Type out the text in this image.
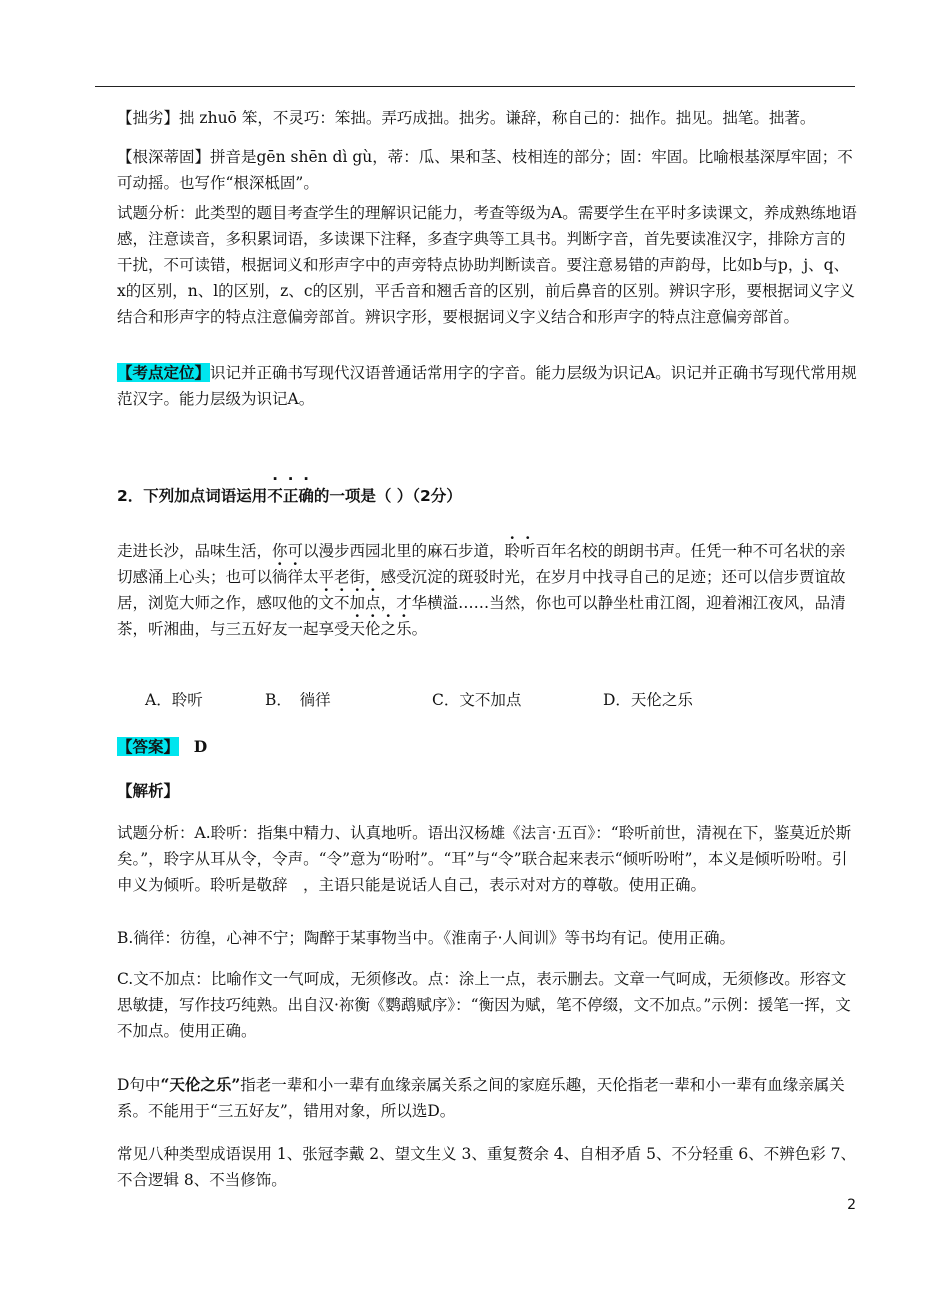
【拙劣】拙 zhuō 笨，不灵巧：笨拙。弄巧成拙。拙劣。谦辞，称自己的：拙作。拙见。拙笔。拙著。

【根深蒂固】拼音是gēn shēn dì gù，蒂：瓜、果和茎、枝相连的部分；固：牢固。比喻根基深厚牢固；不可动摇。也写作“根深柢固”。

试题分析：此类型的题目考查学生的理解识记能力，考查等级为A。需要学生在平时多读课文，养成熟练地语感，注意读音，多积累词语，多读课下注释，多查字典等工具书。判断字音，首先要读准汉字，排除方言的干扰，不可读错，根据词义和形声字中的声旁特点协助判断读音。要注意易错的声韵母，比如b与p，j、q、x的区别，n、l的区别，z、c的区别，平舌音和翘舌音的区别，前后鼻音的区别。辨识字形，要根据词义字义结合和形声字的特点注意偏旁部首。辨识字形，要根据词义字义结合和形声字的特点注意偏旁部首。

【考点定位】识记并正确书写现代汉语普通话常用字的字音。能力层级为识记A。识记并正确书写现代常用规范汉字。能力层级为识记A。

2．下列加点词语运用不正确的一项是（ ）（2分）

走进长沙，品味生活，你可以漫步西园北里的麻石步道，聆听百年名校的朗朗书声。任凭一种不可名状的亲切感涌上心头；也可以徜徉太平老街，感受沉淀的斑驳时光，在岁月中找寻自己的足迹；还可以信步贾谊故居，浏览大师之作，感叹他的文不加点，才华横溢……当然，你也可以静坐杜甫江阁，迎着湘江夜风，品清茶，听湘曲，与三五好友一起享受天伦之乐。

A．聆听	B．　徜徉	C．文不加点	D．天伦之乐

【答案】 D

【解析】

试题分析：A.聆听：指集中精力、认真地听。语出汉杨雄《法言·五百》：“聆听前世，清视在下，鉴莫近於斯矣。”，聆字从耳从令，令声。“令”意为“吩咐”。“耳”与“令”联合起来表示“倾听吩咐”，本义是倾听吩咐。引申义为倾听。聆听是敬辞　，主语只能是说话人自己，表示对对方的尊敬。使用正确。

B.徜徉：彷徨，心神不宁；陶醉于某事物当中。《淮南子·人间训》等书均有记。使用正确。

C.文不加点：比喻作文一气呵成，无须修改。点：涂上一点，表示删去。文章一气呵成，无须修改。形容文思敏捷，写作技巧纯熟。出自汉·祢衡《鹦鹉赋序》：“衡因为赋，笔不停缀，文不加点。”示例：援笔一挥，文不加点。使用正确。

D句中“天伦之乐”指老一辈和小一辈有血缘亲属关系之间的家庭乐趣，天伦指老一辈和小一辈有血缘亲属关系。不能用于“三五好友”，错用对象，所以选D。

常见八种类型成语误用 1、张冠李戴 2、望文生义 3、重复赘余 4、自相矛盾 5、不分轻重 6、不辨色彩 7、不合逻辑 8、不当修饰。

2
